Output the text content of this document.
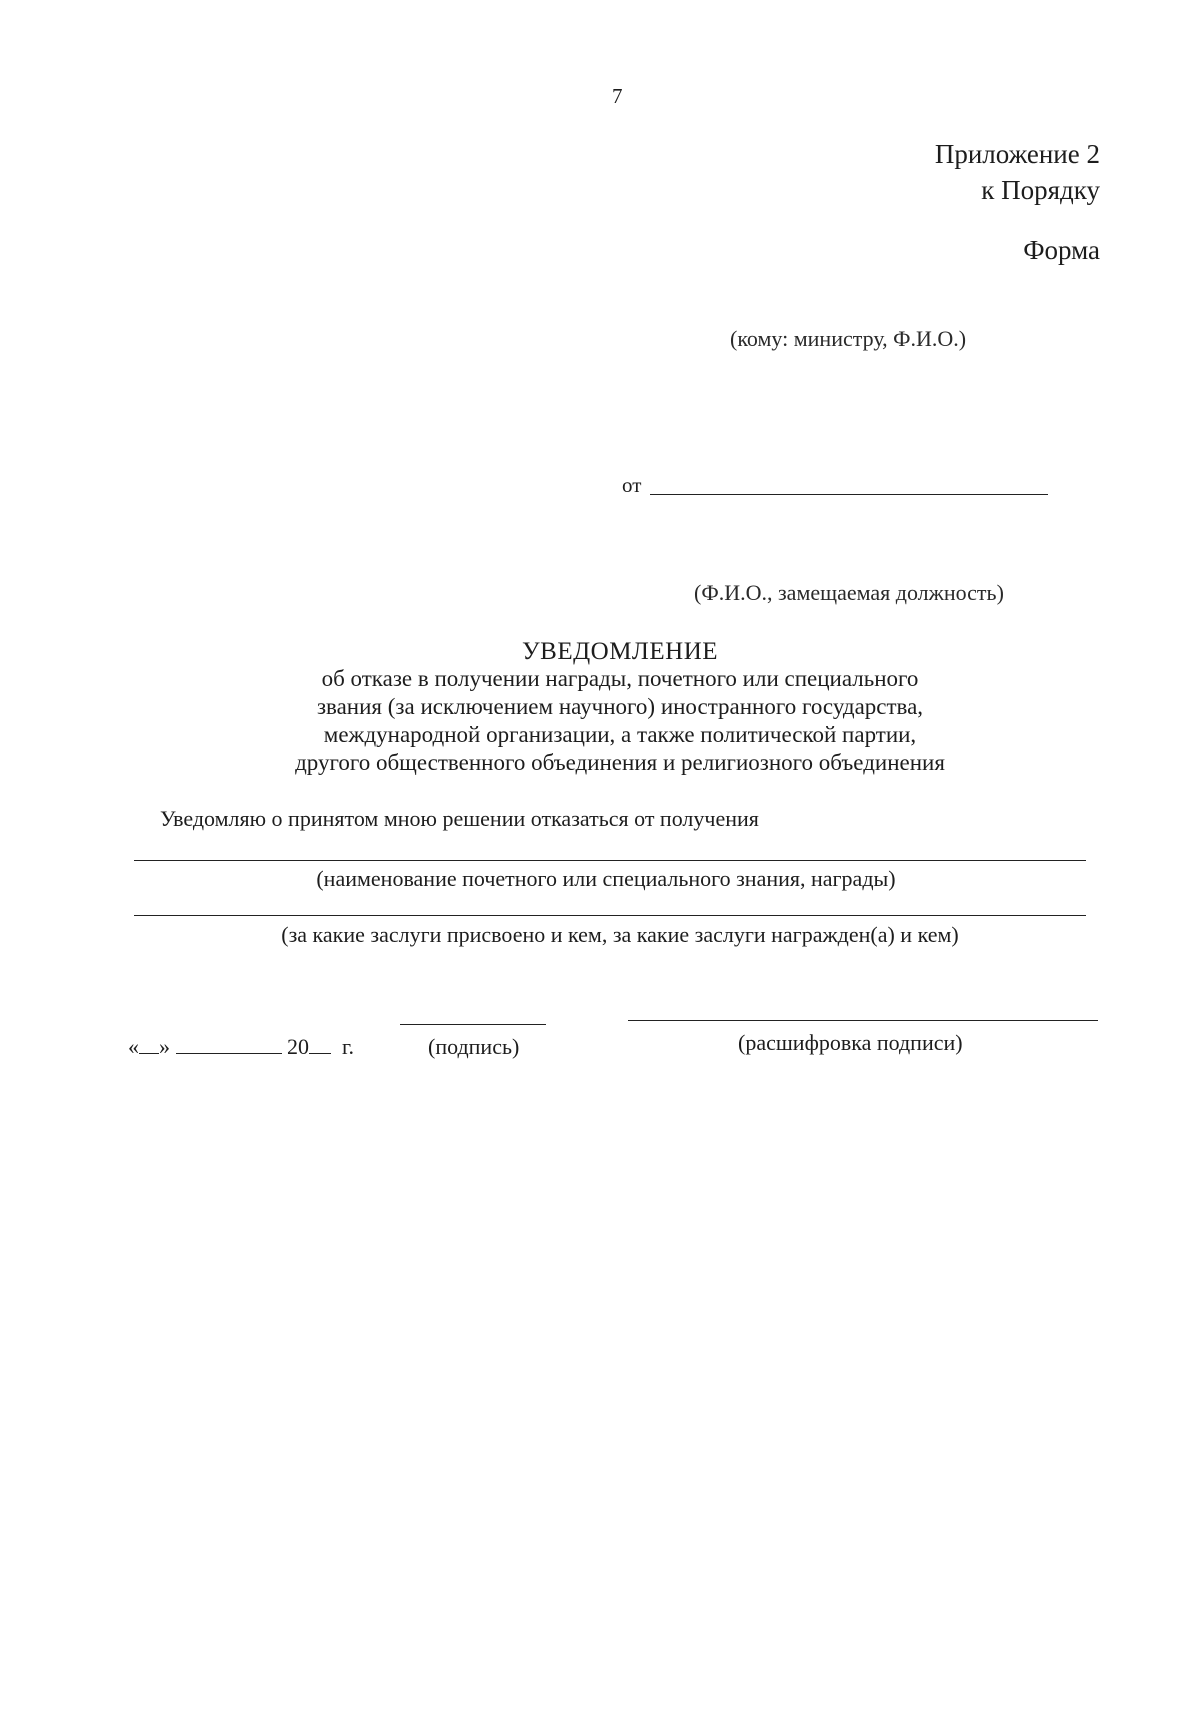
7
Приложение 2
к Порядку
Форма
(кому: министру, Ф.И.О.)
от
(Ф.И.О., замещаемая должность)
УВЕДОМЛЕНИЕ
об отказе в получении награды, почетного или специального
звания (за исключением научного) иностранного государства,
международной организации, а также политической партии,
другого общественного объединения и религиозного объединения
Уведомляю о принятом мною решении отказаться от получения
(наименование почетного или специального знания, награды)
(за какие заслуги присвоено и кем, за какие заслуги награжден(а) и кем)
« »	20 г.	(подпись)	(расшифровка подписи)
